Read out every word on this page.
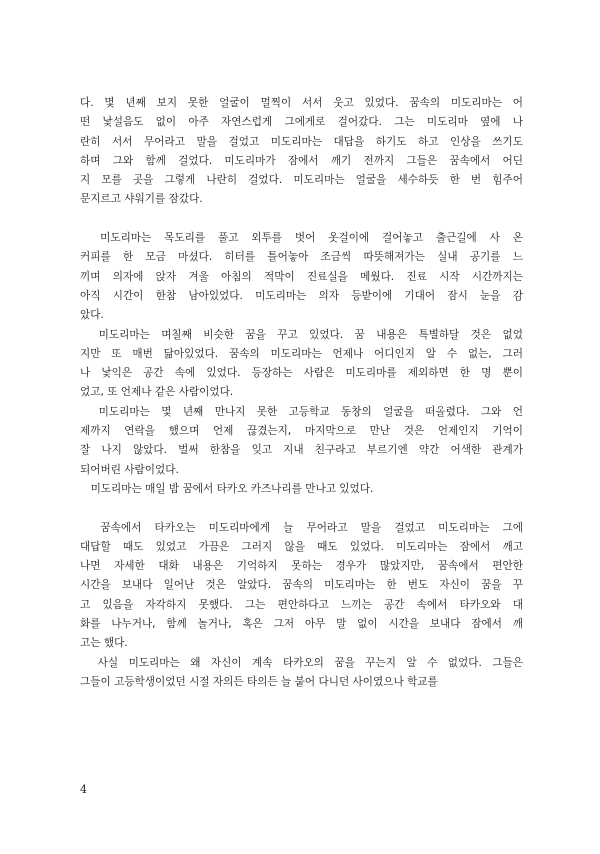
다. 몇 년째 보지 못한 얼굴이 멀찍이 서서 웃고 있었다. 꿈속의 미도리마는 어
떤 낯설음도 없이 아주 자연스럽게 그에게로 걸어갔다. 그는 미도리마 옆에 나
란히 서서 무어라고 말을 걸었고 미도리마는 대답을 하기도 하고 인상을 쓰기도
하며 그와 함께 걸었다. 미도리마가 잠에서 깨기 전까지 그들은 꿈속에서 어딘
지 모를 곳을 그렇게 나란히 걸었다. 미도리마는 얼굴을 세수하듯 한 번 힘주어
문지르고 샤워기를 잠갔다.
　미도리마는 목도리를 풀고 외투를 벗어 옷걸이에 걸어놓고 출근길에 사 온
커피를 한 모금 마셨다. 히터를 틀어놓아 조금씩 따뜻해져가는 실내 공기를 느
끼며 의자에 앉자 겨울 아침의 적막이 진료실을 메웠다. 진료 시작 시간까지는
아직 시간이 한참 남아있었다. 미도리마는 의자 등받이에 기대어 잠시 눈을 감
았다.
　미도리마는 며칠째 비슷한 꿈을 꾸고 있었다. 꿈 내용은 특별하달 것은 없었
지만 또 매번 닮아있었다. 꿈속의 미도리마는 언제나 어디인지 알 수 없는, 그러
나 낯익은 공간 속에 있었다. 등장하는 사람은 미도리마를 제외하면 한 명 뿐이
었고, 또 언제나 같은 사람이었다.
　미도리마는 몇 년째 만나지 못한 고등학교 동창의 얼굴을 떠올렸다. 그와 언
제까지 연락을 했으며 언제 끊겼는지, 마지막으로 만난 것은 언제인지 기억이
잘 나지 않았다. 벌써 한참을 잊고 지내 친구라고 부르기엔 약간 어색한 관계가
되어버린 사람이었다.
　미도리마는 매일 밤 꿈에서 타카오 카즈나리를 만나고 있었다.
　꿈속에서 타카오는 미도리마에게 늘 무어라고 말을 걸었고 미도리마는 그에
대답할 때도 있었고 가끔은 그러지 않을 때도 있었다. 미도리마는 잠에서 깨고
나면 자세한 대화 내용은 기억하지 못하는 경우가 많았지만, 꿈속에서 편안한
시간을 보내다 일어난 것은 알았다. 꿈속의 미도리마는 한 번도 자신이 꿈을 꾸
고 있음을 자각하지 못했다. 그는 편안하다고 느끼는 공간 속에서 타카오와 대
화를 나누거나, 함께 놀거나, 혹은 그저 아무 말 없이 시간을 보내다 잠에서 깨
고는 했다.
　사실 미도리마는 왜 자신이 계속 타카오의 꿈을 꾸는지 알 수 없었다. 그들은
그들이 고등학생이었던 시절 자의든 타의든 늘 붙어 다니던 사이였으나 학교를
4
